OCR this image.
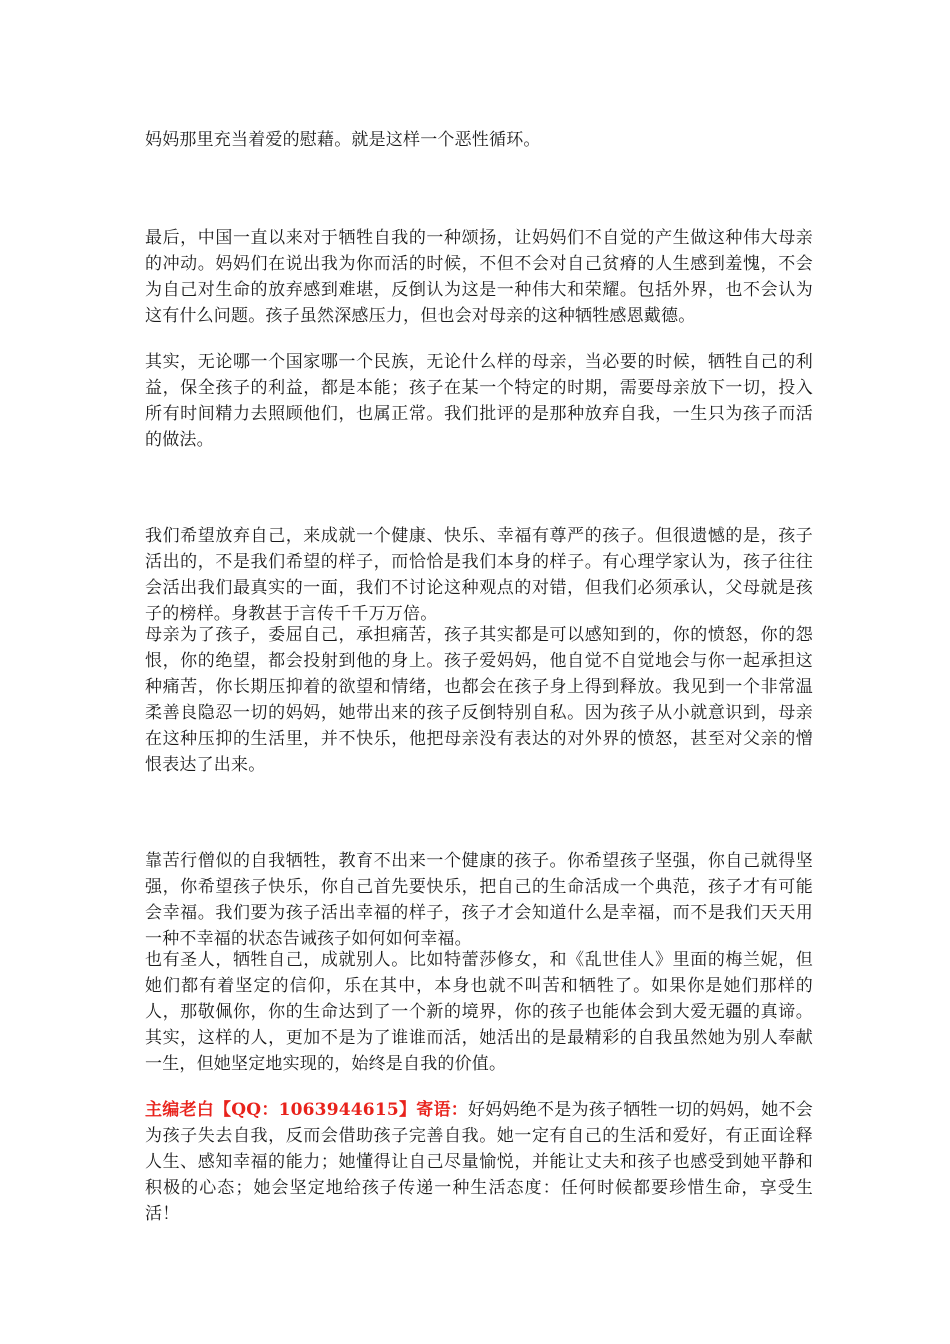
妈妈那里充当着爱的慰藉。就是这样一个恶性循环。

最后，中国一直以来对于牺牲自我的一种颂扬，让妈妈们不自觉的产生做这种伟大母亲的冲动。妈妈们在说出我为你而活的时候，不但不会对自己贫瘠的人生感到羞愧，不会为自己对生命的放弃感到难堪，反倒认为这是一种伟大和荣耀。包括外界，也不会认为这有什么问题。孩子虽然深感压力，但也会对母亲的这种牺牲感恩戴德。

其实，无论哪一个国家哪一个民族，无论什么样的母亲，当必要的时候，牺牲自己的利益，保全孩子的利益，都是本能；孩子在某一个特定的时期，需要母亲放下一切，投入所有时间精力去照顾他们，也属正常。我们批评的是那种放弃自我，一生只为孩子而活的做法。

我们希望放弃自己，来成就一个健康、快乐、幸福有尊严的孩子。但很遗憾的是，孩子活出的，不是我们希望的样子，而恰恰是我们本身的样子。有心理学家认为，孩子往往会活出我们最真实的一面，我们不讨论这种观点的对错，但我们必须承认，父母就是孩子的榜样。身教甚于言传千千万万倍。

母亲为了孩子，委屈自己，承担痛苦，孩子其实都是可以感知到的，你的愤怒，你的怨恨，你的绝望，都会投射到他的身上。孩子爱妈妈，他自觉不自觉地会与你一起承担这种痛苦，你长期压抑着的欲望和情绪，也都会在孩子身上得到释放。我见到一个非常温柔善良隐忍一切的妈妈，她带出来的孩子反倒特别自私。因为孩子从小就意识到，母亲在这种压抑的生活里，并不快乐，他把母亲没有表达的对外界的愤怒，甚至对父亲的憎恨表达了出来。

靠苦行僧似的自我牺牲，教育不出来一个健康的孩子。你希望孩子坚强，你自己就得坚强，你希望孩子快乐，你自己首先要快乐，把自己的生命活成一个典范，孩子才有可能会幸福。我们要为孩子活出幸福的样子，孩子才会知道什么是幸福，而不是我们天天用一种不幸福的状态告诫孩子如何如何幸福。

也有圣人，牺牲自己，成就别人。比如特蕾莎修女，和《乱世佳人》里面的梅兰妮，但她们都有着坚定的信仰，乐在其中，本身也就不叫苦和牺牲了。如果你是她们那样的人，那敬佩你，你的生命达到了一个新的境界，你的孩子也能体会到大爱无疆的真谛。其实，这样的人，更加不是为了谁谁而活，她活出的是最精彩的自我虽然她为别人奉献一生，但她坚定地实现的，始终是自我的价值。

主编老白【QQ：1063944615】寄语：好妈妈绝不是为孩子牺牲一切的妈妈，她不会为孩子失去自我，反而会借助孩子完善自我。她一定有自己的生活和爱好，有正面诠释人生、感知幸福的能力；她懂得让自己尽量愉悦，并能让丈夫和孩子也感受到她平静和积极的心态；她会坚定地给孩子传递一种生活态度：任何时候都要珍惜生命，享受生活！
